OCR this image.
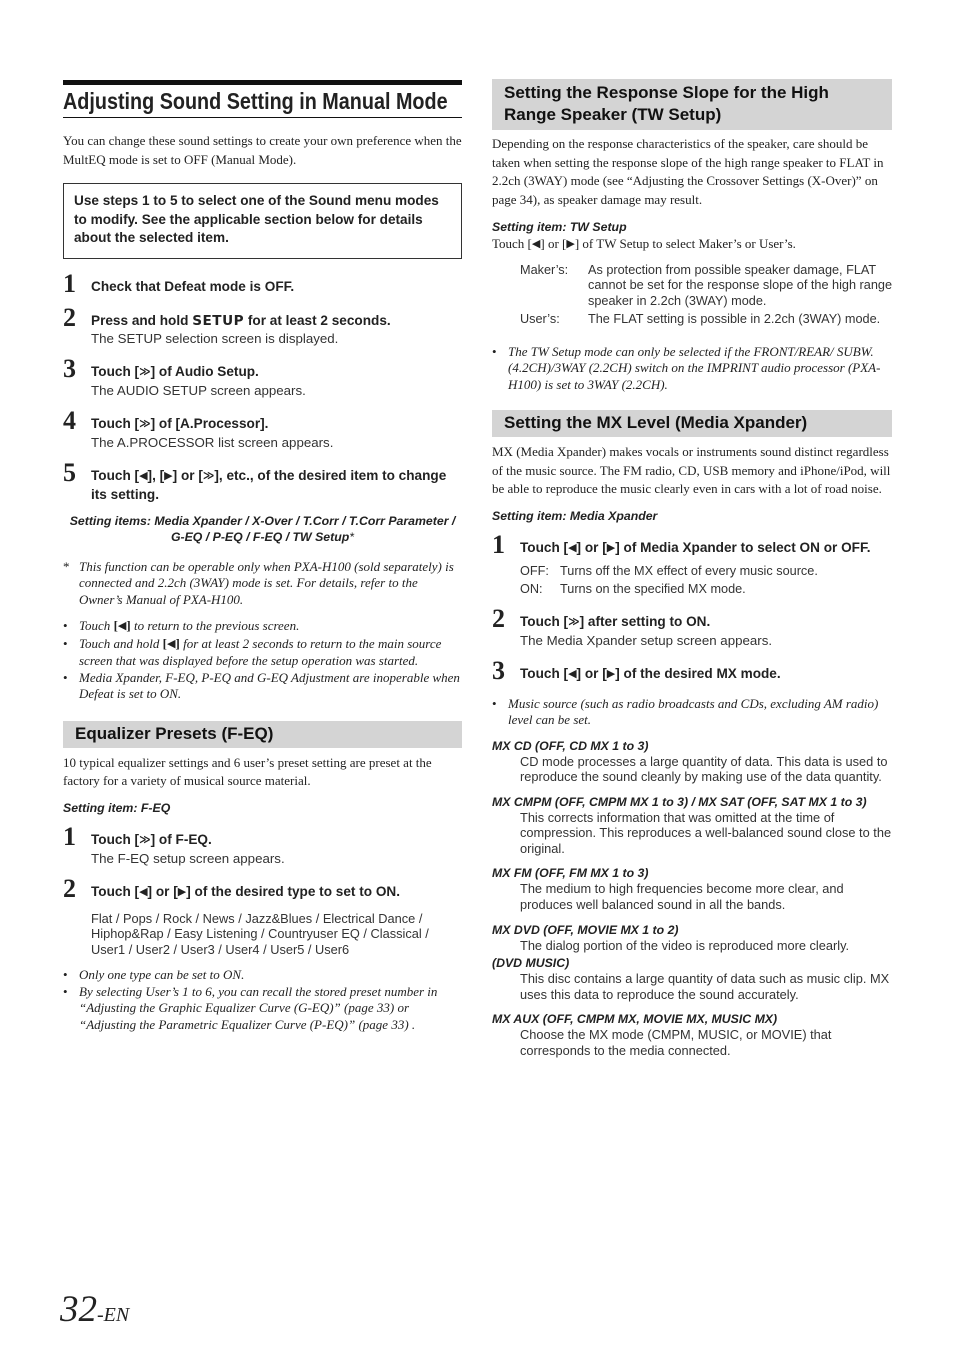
Adjusting Sound Setting in Manual Mode

You can change these sound settings to create your own preference when the MultEQ mode is set to OFF (Manual Mode).

Use steps 1 to 5 to select one of the Sound menu modes to modify. See the applicable section below for details about the selected item.
1	Check that Defeat mode is OFF.
2	Press and hold SETUP for at least 2 seconds.
The SETUP selection screen is displayed.
3	Touch [≫] of Audio Setup.
The AUDIO SETUP screen appears.
4	Touch [≫] of [A.Processor].
The A.PROCESSOR list screen appears.
5	Touch [◀], [▶] or [≫], etc., of the desired item to change its setting.
Setting items: Media Xpander / X-Over / T.Corr / T.Corr Parameter / G-EQ / P-EQ / F-EQ / TW Setup*
* This function can be operable only when PXA-H100 (sold separately) is connected and 2.2ch (3WAY) mode is set. For details, refer to the Owner’s Manual of PXA-H100.
• Touch [◀] to return to the previous screen.
• Touch and hold [◀] for at least 2 seconds to return to the main source screen that was displayed before the setup operation was started.
• Media Xpander, F-EQ, P-EQ and G-EQ Adjustment are inoperable when Defeat is set to ON.
Equalizer Presets (F-EQ)

10 typical equalizer settings and 6 user’s preset setting are preset at the factory for a variety of musical source material.

Setting item: F-EQ
1	Touch [≫] of F-EQ.
The F-EQ setup screen appears.
2	Touch [◀] or [▶] of the desired type to set to ON.
Flat / Pops / Rock / News / Jazz&Blues / Electrical Dance / Hiphop&Rap / Easy Listening / Countryuser EQ / Classical / User1 / User2 / User3 / User4 / User5 / User6
• Only one type can be set to ON.
• By selecting User’s 1 to 6, you can recall the stored preset number in “Adjusting the Graphic Equalizer Curve (G-EQ)” (page 33) or “Adjusting the Parametric Equalizer Curve (P-EQ)” (page 33) .
Setting the Response Slope for the High Range Speaker (TW Setup)

Depending on the response characteristics of the speaker, care should be taken when setting the response slope of the high range speaker to FLAT in 2.2ch (3WAY) mode (see “Adjusting the Crossover Settings (X-Over)” on page 34), as speaker damage may result.

Setting item: TW Setup

Touch [◀] or [▶] of TW Setup to select Maker’s or User’s.

Maker’s:	As protection from possible speaker damage, FLAT cannot be set for the response slope of the high range speaker in 2.2ch (3WAY) mode.
User’s:	The FLAT setting is possible in 2.2ch (3WAY) mode.
• The TW Setup mode can only be selected if the FRONT/REAR/ SUBW. (4.2CH)/3WAY (2.2CH) switch on the IMPRINT audio processor (PXA-H100) is set to 3WAY (2.2CH).
Setting the MX Level (Media Xpander)

MX (Media Xpander) makes vocals or instruments sound distinct regardless of the music source. The FM radio, CD, USB memory and iPhone/iPod, will be able to reproduce the music clearly even in cars with a lot of road noise.

Setting item: Media Xpander
1	Touch [◀] or [▶] of Media Xpander to select ON or OFF.
OFF: Turns off the MX effect of every music source.
ON:	Turns on the specified MX mode.
2	Touch [≫] after setting to ON.
The Media Xpander setup screen appears.
3	Touch [◀] or [▶] of the desired MX mode.
• Music source (such as radio broadcasts and CDs, excluding AM radio) level can be set.
MX CD (OFF, CD MX 1 to 3)
CD mode processes a large quantity of data. This data is used to reproduce the sound cleanly by making use of the data quantity.
MX CMPM (OFF, CMPM MX 1 to 3) / MX SAT (OFF, SAT MX 1 to 3)
This corrects information that was omitted at the time of compression. This reproduces a well-balanced sound close to the original.
MX FM (OFF, FM MX 1 to 3)
The medium to high frequencies become more clear, and produces well balanced sound in all the bands.
MX DVD (OFF, MOVIE MX 1 to 2)
The dialog portion of the video is reproduced more clearly.
(DVD MUSIC)
This disc contains a large quantity of data such as music clip. MX uses this data to reproduce the sound accurately.
MX AUX (OFF, CMPM MX, MOVIE MX, MUSIC MX)
Choose the MX mode (CMPM, MUSIC, or MOVIE) that corresponds to the media connected.
32-EN
